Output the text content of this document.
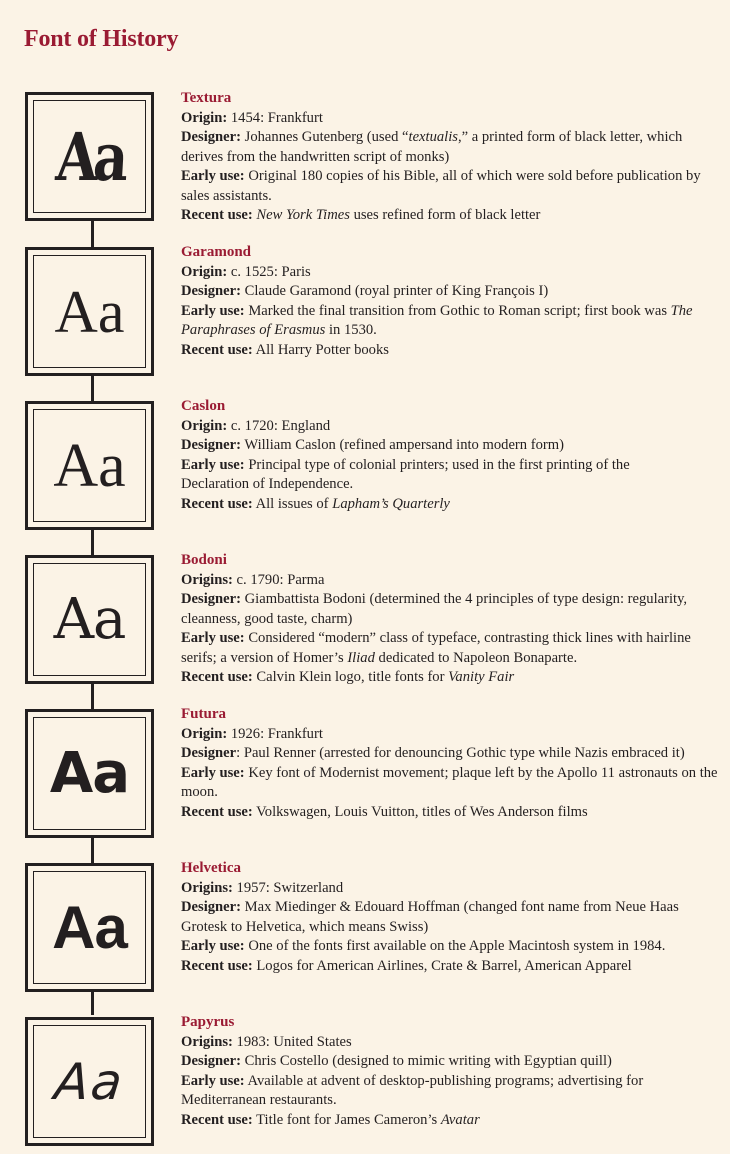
Font of History
Aa
Aa
Aa
Aa
Aa
Aa
Aa
Textura
Origin: 1454: Frankfurt
Designer: Johannes Gutenberg (used “textualis,” a printed form of black letter, which derives from the handwritten script of monks)
Early use: Original 180 copies of his Bible, all of which were sold before publication by sales assistants.
Recent use: New York Times uses refined form of black letter
Garamond
Origin: c. 1525: Paris
Designer: Claude Garamond (royal printer of King François I)
Early use: Marked the final transition from Gothic to Roman script; first book was The Paraphrases of Erasmus in 1530.
Recent use: All Harry Potter books
Caslon
Origin: c. 1720: England
Designer: William Caslon (refined ampersand into modern form)
Early use: Principal type of colonial printers; used in the first printing of the Declaration of Independence.
Recent use: All issues of Lapham’s Quarterly
Bodoni
Origins: c. 1790: Parma
Designer: Giambattista Bodoni (determined the 4 principles of type design: regularity, cleanness, good taste, charm)
Early use: Considered “modern” class of typeface, contrasting thick lines with hairline serifs; a version of Homer’s Iliad dedicated to Napoleon Bonaparte.
Recent use: Calvin Klein logo, title fonts for Vanity Fair
Futura
Origin: 1926: Frankfurt
Designer: Paul Renner (arrested for denouncing Gothic type while Nazis embraced it)
Early use: Key font of Modernist movement; plaque left by the Apollo 11 astronauts on the moon.
Recent use: Volkswagen, Louis Vuitton, titles of Wes Anderson films
Helvetica
Origins: 1957: Switzerland
Designer: Max Miedinger & Edouard Hoffman (changed font name from Neue Haas Grotesk to Helvetica, which means Swiss)
Early use: One of the fonts first available on the Apple Macintosh system in 1984.
Recent use: Logos for American Airlines, Crate & Barrel, American Apparel
Papyrus
Origins: 1983: United States
Designer: Chris Costello (designed to mimic writing with Egyptian quill)
Early use: Available at advent of desktop-publishing programs; advertising for Mediterranean restaurants.
Recent use: Title font for James Cameron’s Avatar
